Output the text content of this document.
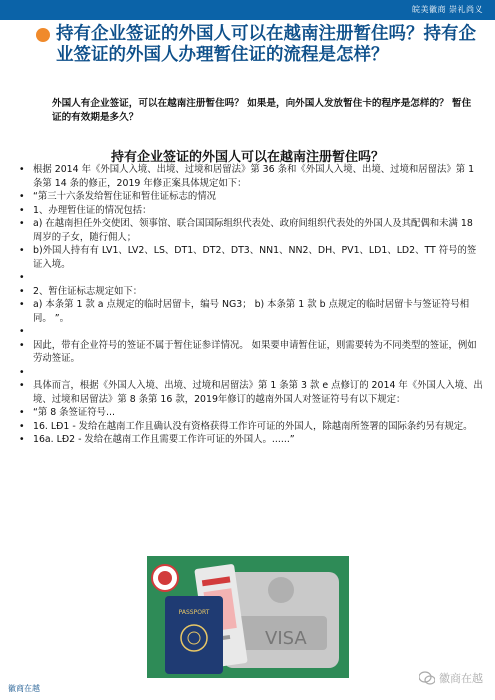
皖美徽商 崇礼尚义
持有企业签证的外国人可以在越南注册暂住吗？持有企业签证的外国人办理暂住证的流程是怎样？
外国人有企业签证，可以在越南注册暂住吗？ 如果是，向外国人发放暂住卡的程序是怎样的？ 暂住证的有效期是多久？
持有企业签证的外国人可以在越南注册暂住吗？
• 根据 2014 年《外国人入境、出境、过境和居留法》第 36 条和《外国人入境、出境、过境和居留法》第 1 条第 14 条的修正，2019 年修正案具体规定如下：
• “第三十六条发给暂住证和暂住证标志的情况
• 1、办理暂住证的情况包括：
• a) 在越南担任外交使团、领事馆、联合国国际组织代表处、政府间组织代表处的外国人及其配偶和未满 18 周岁的子女，随行佣人；
• b)外国人持有有 LV1、LV2、LS、DT1、DT2、DT3、NN1、NN2、DH、PV1、LD1、LD2、TT 符号的签证入境。
•
• 2、暂住证标志规定如下：
• a) 本条第 1 款 a 点规定的临时居留卡，编号 NG3； b) 本条第 1 款 b 点规定的临时居留卡与签证符号相同。 ”。
•
• 因此，带有企业符号的签证不属于暂住证参详情况。 如果要申请暂住证，则需要转为不同类型的签证，例如劳动签证。
•
• 具体而言，根据《外国人入境、出境、过境和居留法》第 1 条第 3 款 e 点修订的 2014 年《外国人入境、出境、过境和居留法》第 8 条第 16 款，2019年修订的越南外国人对签证符号有以下规定：
• “第 8 条签证符号...
• 16. LĐ1 - 发给在越南工作且确认没有资格获得工作许可证的外国人，除越南所签署的国际条约另有规定。
• 16a. LĐ2 - 发给在越南工作且需要工作许可证的外国人。......”
VISA
PASSPORT
徽商在越
徽商在越
